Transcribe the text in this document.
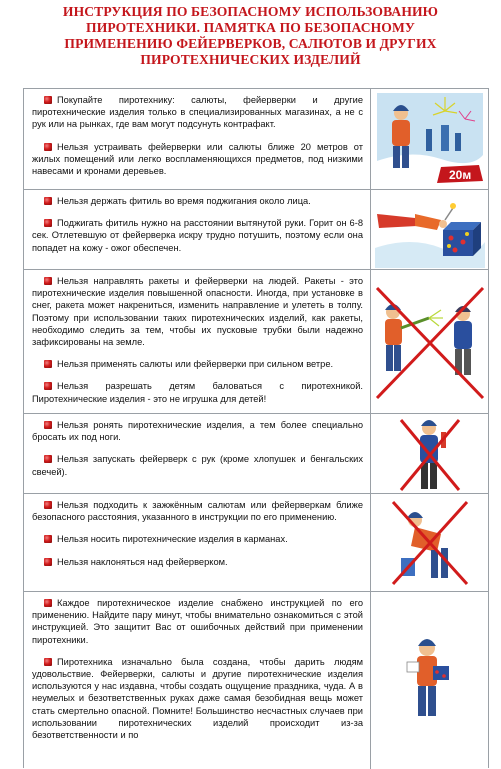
ИНСТРУКЦИЯ ПО БЕЗОПАСНОМУ ИСПОЛЬЗОВАНИЮ
ПИРОТЕХНИКИ. ПАМЯТКА ПО БЕЗОПАСНОМУ
ПРИМЕНЕНИЮ ФЕЙЕРВЕРКОВ, САЛЮТОВ И ДРУГИХ
ПИРОТЕХНИЧЕСКИХ ИЗДЕЛИЙ

Покупайте пиротехнику: салюты, фейерверки и другие пиротехнические изделия только в специализированных магазинах, а не с рук или на рынках, где вам могут подсунуть контрафакт.

Нельзя устраивать фейерверки или салюты ближе 20 метров от жилых помещений или легко воспламеняющихся предметов, под низкими навесами и кронами деревьев.	20м

Нельзя держать фитиль во время поджигания около лица.

Поджигать фитиль нужно на расстоянии вытянутой руки. Горит он 6-8 сек. Отлетевшую от фейерверка искру трудно потушить, поэтому если она попадет на кожу - ожог обеспечен.

Нельзя направлять ракеты и фейерверки на людей. Ракеты - это пиротехнические изделия повышенной опасности. Иногда, при установке в снег, ракета может накрениться, изменить направление и улететь в толпу. Поэтому при использовании таких пиротехнических изделий, как ракеты, необходимо следить за тем, чтобы их пусковые трубки были надежно зафиксированы на земле.

Нельзя применять салюты или фейерверки при сильном ветре.

Нельзя разрешать детям баловаться с пиротехникой. Пиротехнические изделия - это не игрушка для детей!

Нельзя ронять пиротехнические изделия, а тем более специально бросать их под ноги.

Нельзя запускать фейерверк с рук (кроме хлопушек и бенгальских свечей).

Нельзя подходить к зажжённым салютам или фейерверкам ближе безопасного расстояния, указанного в инструкции по его применению.

Нельзя носить пиротехнические изделия в карманах.

Нельзя наклоняться над фейерверком.

Каждое пиротехническое изделие снабжено инструкцией по его применению. Найдите пару минут, чтобы внимательно ознакомиться с этой инструкцией. Это защитит Вас от ошибочных действий при применении пиротехники.

Пиротехника изначально была создана, чтобы дарить людям удовольствие. Фейерверки, салюты и другие пиротехнические изделия используются у нас издавна, чтобы создать ощущение праздника, чуда. А в неумелых и безответственных руках даже самая безобидная вещь может стать смертельно опасной. Помните! Большинство несчастных случаев при использовании пиротехнических изделий происходит из-за безответственности и по
